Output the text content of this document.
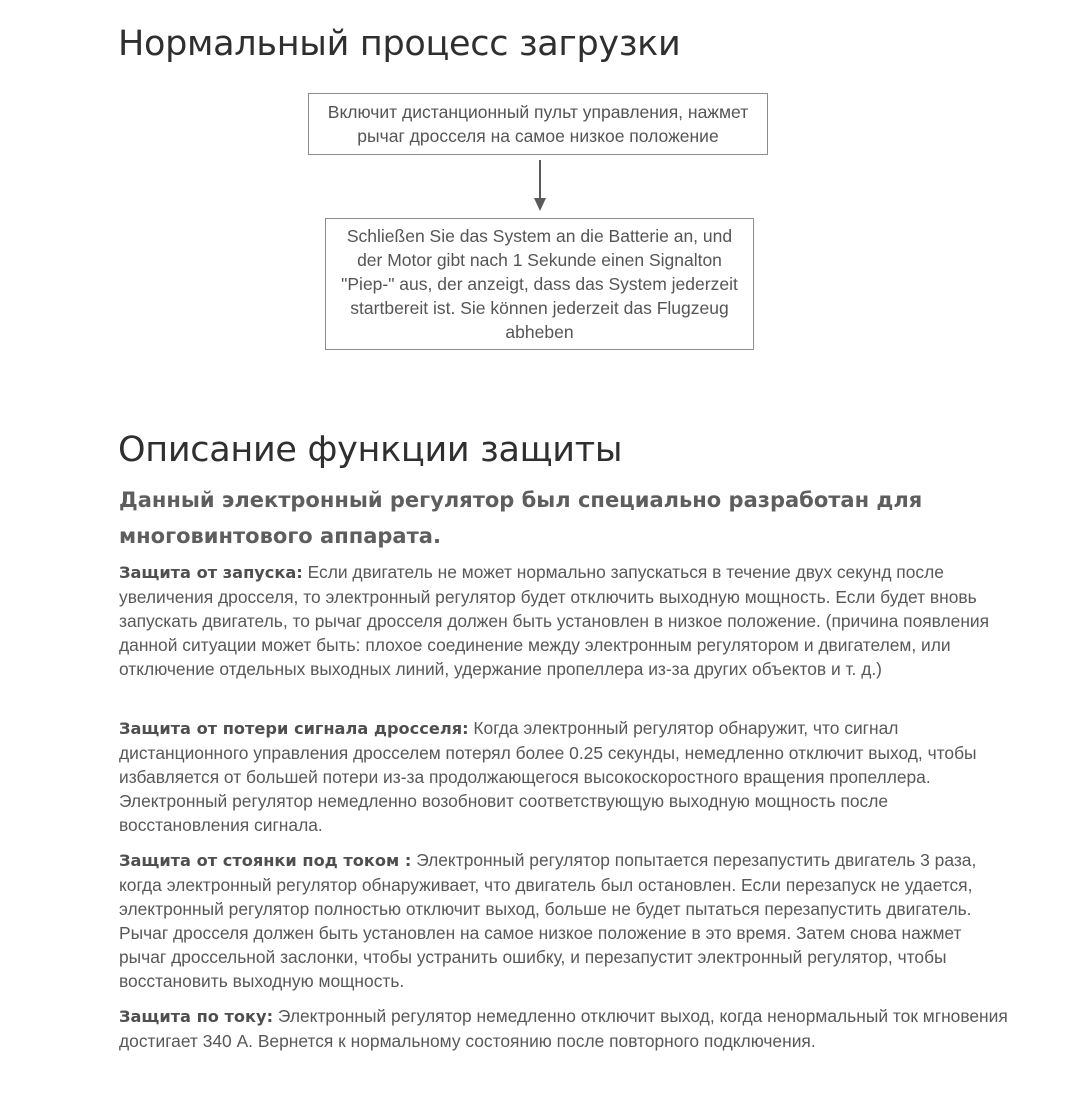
Нормальный процесс загрузки
Включит дистанционный пульт управления, нажмет рычаг дросселя на самое низкое положение
Schließen Sie das System an die Batterie an, und der Motor gibt nach 1 Sekunde einen Signalton "Piep-" aus, der anzeigt, dass das System jederzeit startbereit ist. Sie können jederzeit das Flugzeug abheben
Описание функции защиты

Данный электронный регулятор был специально разработан для многовинтового аппарата.

Защита от запуска: Если двигатель не может нормально запускаться в течение двух секунд после увеличения дросселя, то электронный регулятор будет отключить выходную мощность. Если будет вновь запускать двигатель, то рычаг дросселя должен быть установлен в низкое положение. (причина появления данной ситуации может быть: плохое соединение между электронным регулятором и двигателем, или отключение отдельных выходных линий, удержание пропеллера из-за других объектов и т. д.)

Защита от потери сигнала дросселя: Когда электронный регулятор обнаружит, что сигнал дистанционного управления дросселем потерял более 0.25 секунды, немедленно отключит выход, чтобы избавляется от большей потери из-за продолжающегося высокоскоростного вращения пропеллера. Электронный регулятор немедленно возобновит соответствующую выходную мощность после восстановления сигнала.

Защита от стоянки под током : Электронный регулятор попытается перезапустить двигатель 3 раза, когда электронный регулятор обнаруживает, что двигатель был остановлен. Если перезапуск не удается, электронный регулятор полностью отключит выход, больше не будет пытаться перезапустить двигатель. Рычаг дросселя должен быть установлен на самое низкое положение в это время. Затем снова нажмет рычаг дроссельной заслонки, чтобы устранить ошибку, и перезапустит электронный регулятор, чтобы восстановить выходную мощность.

Защита по току: Электронный регулятор немедленно отключит выход, когда ненормальный ток мгновения достигает 340 А. Вернется к нормальному состоянию после повторного подключения.
